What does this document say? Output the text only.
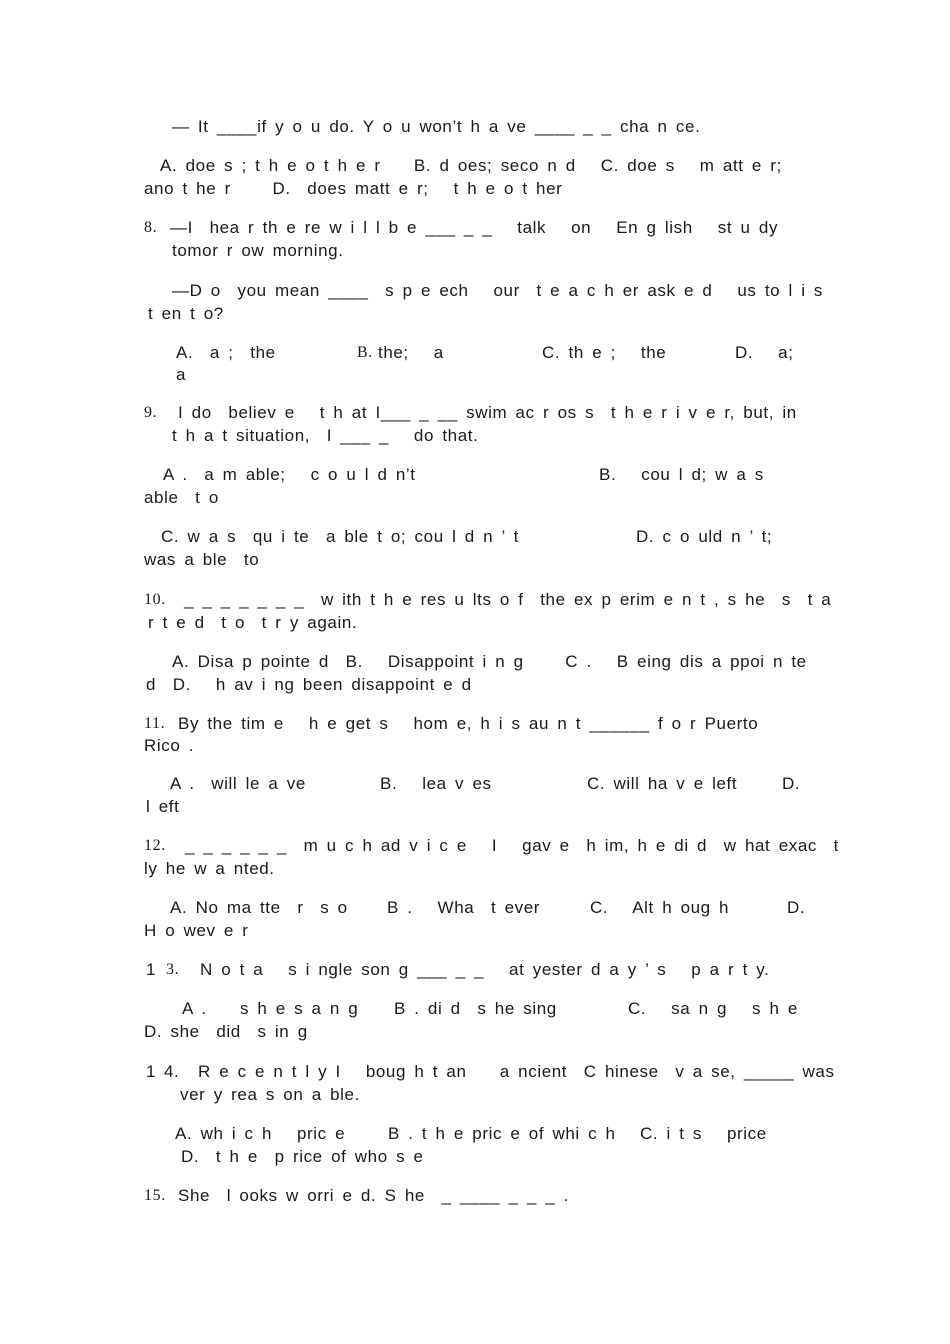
— It ____if y o u do. Y o u won’t h a ve ____ _ _ cha n ce.
A. doe s ; t h e o t h e r    B. d oes; seco n d   C. doe s   m att e r;
ano t he r     D.  does matt e r;   t h e o t her
8. —I  hea r th e re w i l l b e ___ _ _   talk   on   En g lish   st u dy
tomor r ow morning.
—D o  you mean ____  s p e ech   our  t e a c h er ask e d   us to l i s
t en t o?
A.  a ;  the	B. the;   a	C. th e ;   the	D.   a;
a
9. I do  believ e   t h at I___ _ __ swim ac r os s  t h e r i v e r, but, in
t h a t situation,  I ___ _   do that.
A .  a m able;   c o u l d n’t	B.   cou l d; w a s
able  t o
C. w a s  qu i te  a ble t o; cou l d n ’ t	D. c o uld n ’ t;
was a ble  to
10. _ _ _ _ _ _ _  w ith t h e res u lts o f  the ex p erim e n t , s he  s  t a
r t e d  t o  t r y again.
A. Disa p pointe d  B.   Disappoint i n g     C .   B eing dis a ppoi n te
d  D.   h av i ng been disappoint e d
11. By the tim e   h e get s   hom e, h i s au n t ______ f o r Puerto
Rico .
A .  will le a ve	B.   lea v es	C. will ha v e left	D.
l eft
12. _ _ _ _ _ _  m u c h ad v i c e   I   gav e  h im, h e di d  w hat exac  t
ly he w a nted.
A. No ma tte  r  s o B .   Wha  t ever	C.   Alt h oug h	D.
H o wev e r
1 3. N o t a   s i ngle son g ___ _ _   at yester d a y ’ s   p a r t y.
A .    s h e s a n g B . di d  s he sing	C.   sa n g   s h e
D. she  did  s in g
1 4. R e c e n t l y I   boug h t an    a ncient  C hinese  v a se, _____ was
ver y rea s on a ble.
A. wh i c h   pric e	B . t h e pric e of whi c h C. i t s   price
D.  t h e  p rice of who s e
15. She  l ooks w orri e d. S he  _ ____ _ _ _ .
